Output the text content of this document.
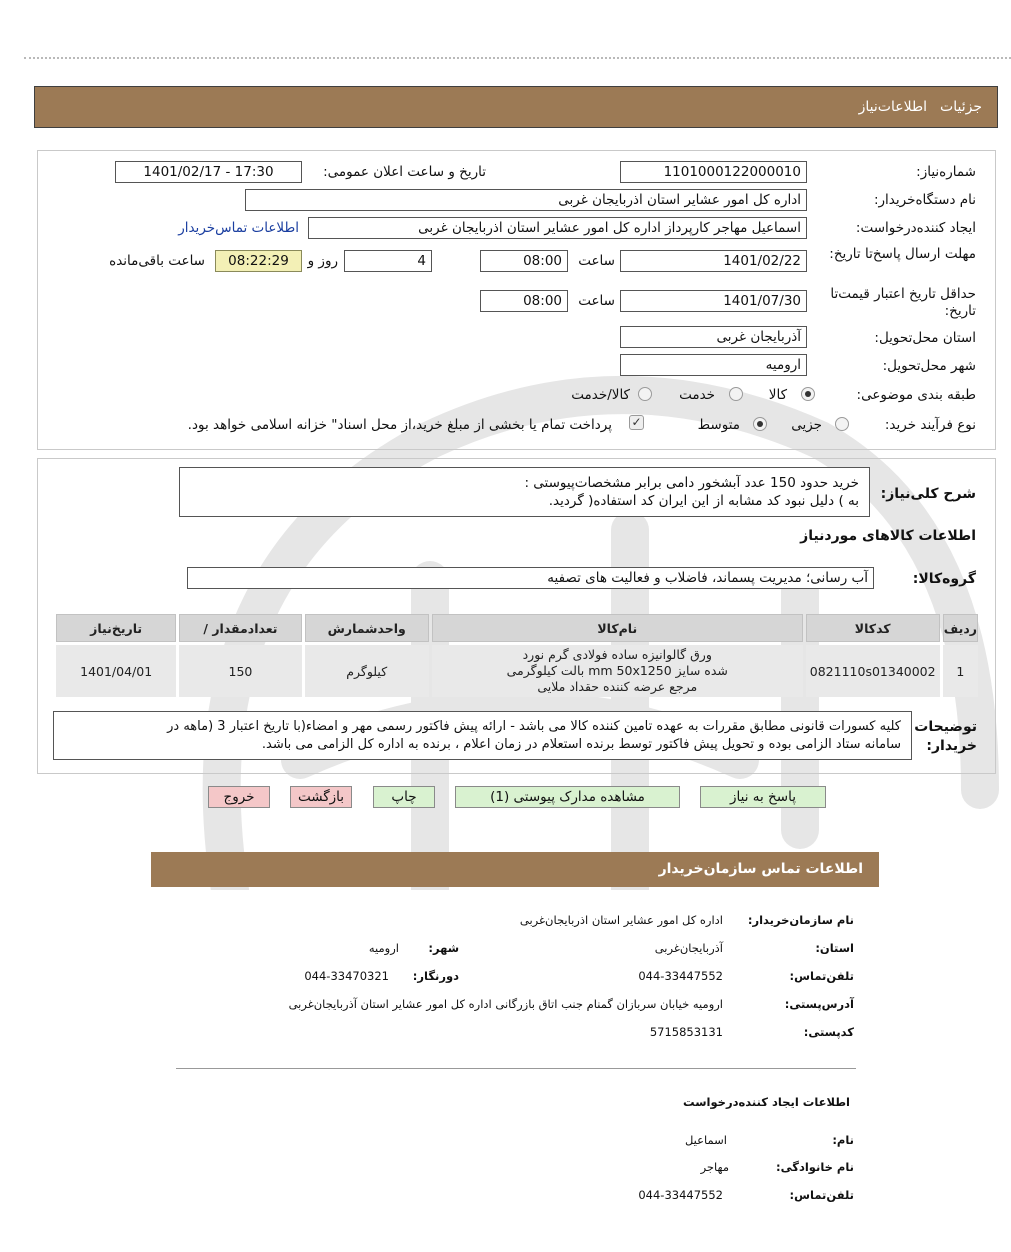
جزئیات
اطلاعات‌نیاز
شماره‌نیاز:
1101000122000010
تاریخ و ساعت اعلان عمومی:
1401/02/17 - 17:30
نام دستگاه‌خریدار:
اداره کل امور عشایر استان اذربایجان غربی
ایجاد کننده‌درخواست:
اسماعیل مهاجر کارپرداز اداره کل امور عشایر استان اذربایجان غربی
اطلاعات تماس‌خریدار
مهلت ارسال پاسخ‌تا تاریخ:
1401/02/22
ساعت
08:00
4
روز و
08:22:29
ساعت باقی‌مانده
حداقل تاریخ اعتبار قیمت‌تا تاریخ:
1401/07/30
ساعت
08:00
استان محل‌تحویل:
آذربایجان غربی
شهر محل‌تحویل:
ارومیه
طبقه بندی موضوعی:
کالا
خدمت
کالا/خدمت
نوع فرآیند خرید:
جزیی
متوسط
✓
پرداخت تمام یا بخشی از مبلغ خرید،از محل اسناد" خزانه اسلامی خواهد بود.
شرح کلی‌نیاز:
خرید حدود 150 عدد آبشخور دامی برابر مشخصات‌پیوستی :
به ) دلیل نبود کد مشابه از این ایران کد استفاده( گردید.
اطلاعات کالاهای موردنیاز
گروه‌کالا:
آب رسانی؛ مدیریت پسماند، فاضلاب و فعالیت های تصفیه
ردیف	کدکالا	نام‌کالا	واحدشمارش	تعدادمقدار /	تاریخ‌نیاز
1	0821110s01340002	ورق گالوانیزه ساده فولادی گرم نورد
شده سایز mm 50x1250 بالت کیلوگرمی
مرجع عرضه کننده حقداد ملایی	کیلوگرم	150	1401/04/01
توضیحات
خریدار:
کلیه کسورات قانونی مطابق مقررات به عهده تامین کننده کالا می باشد - ارائه پیش فاکتور رسمی مهر و امضاء(با تاریخ اعتبار 3 (ماهه در
سامانه ستاد الزامی بوده و تحویل پیش فاکتور توسط برنده استعلام در زمان اعلام ، برنده به اداره کل الزامی می باشد.
پاسخ به نیاز
مشاهده مدارک پیوستی (1)
چاپ
بازگشت
خروج
اطلاعات تماس سازمان‌خریدار
نام سازمان‌خریدار:
اداره کل امور عشایر استان اذربایجان‌غربی
استان:
آذربایجان‌غربی
شهر:
ارومیه
تلفن‌تماس:
044-33447552
دورنگار:
044-33470321
آدرس‌پستی:
ارومیه خیابان سربازان گمنام جنب اتاق بازرگانی اداره کل امور عشایر استان آذربایجان‌غربی
کدپستی:
5715853131
اطلاعات ایجاد کننده‌درخواست
نام:
اسماعیل
نام خانوادگی:
مهاجر
تلفن‌تماس:
044-33447552
